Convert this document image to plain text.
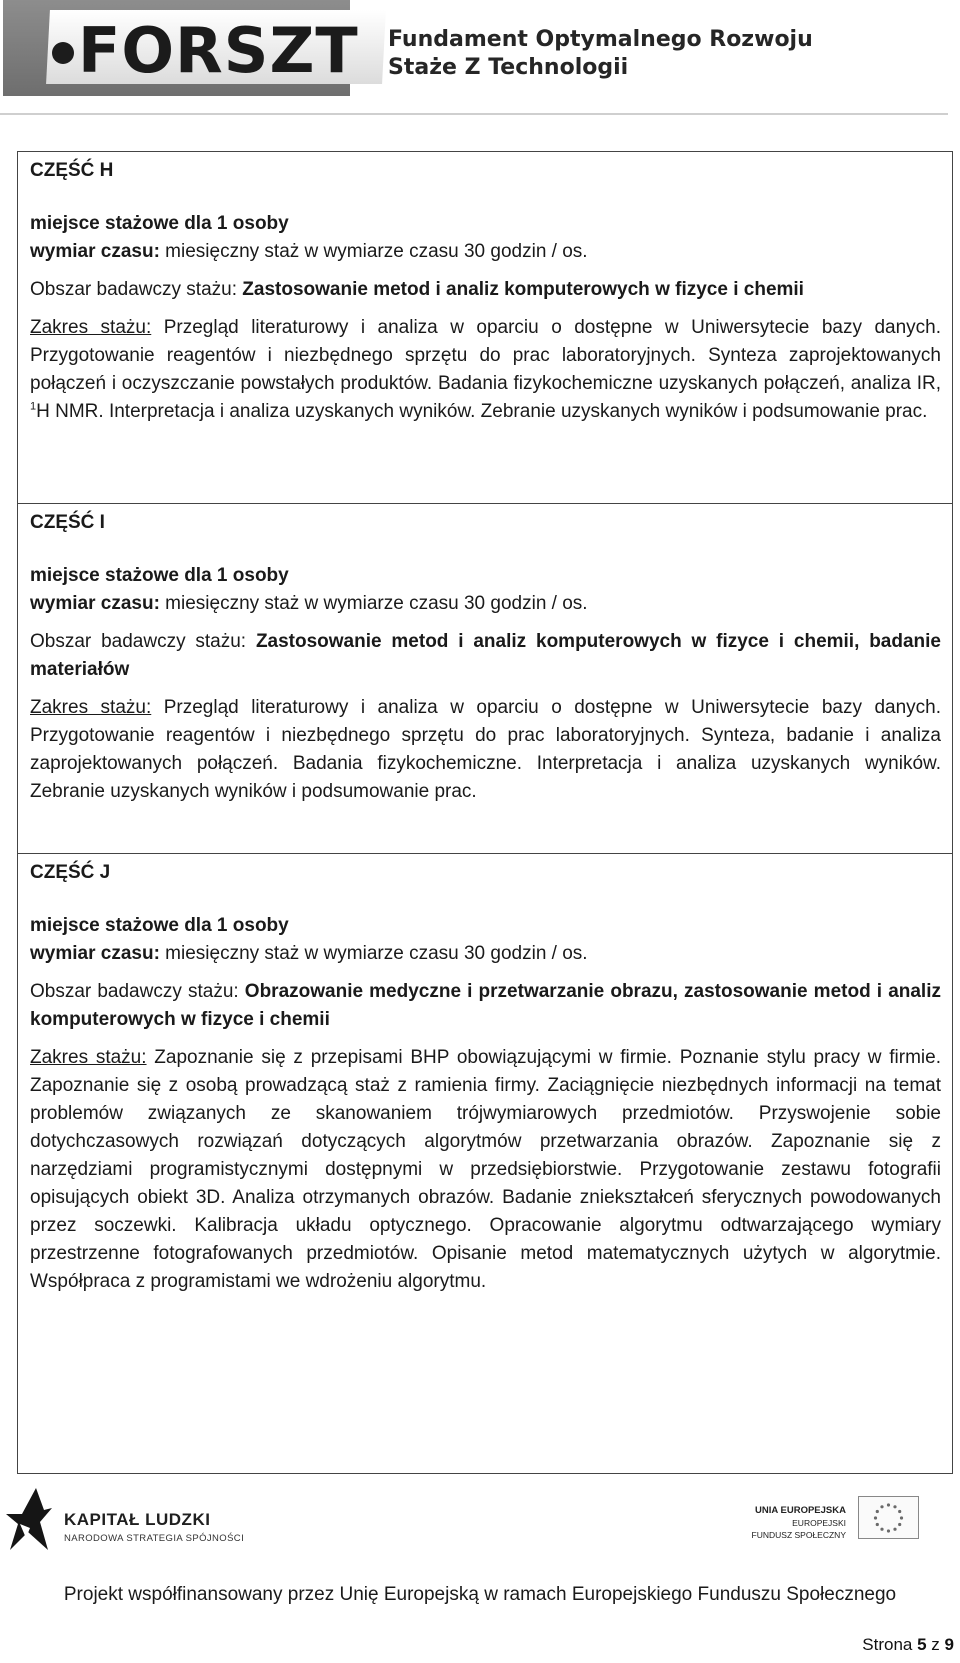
FORSZT Fundament Optymalnego Rozwoju
Staże Z Technologii

CZĘŚĆ H

miejsce stażowe dla 1 osoby

wymiar czasu: miesięczny staż w wymiarze czasu 30 godzin / os.

Obszar badawczy stażu: Zastosowanie metod i analiz komputerowych w fizyce i chemii

Zakres stażu: Przegląd literaturowy i analiza w oparciu o dostępne w Uniwersytecie bazy danych. Przygotowanie reagentów i niezbędnego sprzętu do prac laboratoryjnych. Synteza zaprojektowanych połączeń i oczyszczanie powstałych produktów. Badania fizykochemiczne uzyskanych połączeń, analiza IR, $^1$H NMR. Interpretacja i analiza uzyskanych wyników. Zebranie uzyskanych wyników i podsumowanie prac.

CZĘŚĆ I

miejsce stażowe dla 1 osoby

wymiar czasu: miesięczny staż w wymiarze czasu 30 godzin / os.

Obszar badawczy stażu: Zastosowanie metod i analiz komputerowych w fizyce i chemii, badanie materiałów

Zakres stażu: Przegląd literaturowy i analiza w oparciu o dostępne w Uniwersytecie bazy danych. Przygotowanie reagentów i niezbędnego sprzętu do prac laboratoryjnych. Synteza, badanie i analiza zaprojektowanych połączeń. Badania fizykochemiczne. Interpretacja i analiza uzyskanych wyników. Zebranie uzyskanych wyników i podsumowanie prac.

CZĘŚĆ J

miejsce stażowe dla 1 osoby

wymiar czasu: miesięczny staż w wymiarze czasu 30 godzin / os.

Obszar badawczy stażu: Obrazowanie medyczne i przetwarzanie obrazu, zastosowanie metod i analiz komputerowych w fizyce i chemii

Zakres stażu: Zapoznanie się z przepisami BHP obowiązującymi w firmie. Poznanie stylu pracy w firmie. Zapoznanie się z osobą prowadzącą staż z ramienia firmy. Zaciągnięcie niezbędnych informacji na temat problemów związanych ze skanowaniem trójwymiarowych przedmiotów. Przyswojenie sobie dotychczasowych rozwiązań dotyczących algorytmów przetwarzania obrazów. Zapoznanie się z narzędziami programistycznymi dostępnymi w przedsiębiorstwie. Przygotowanie zestawu fotografii opisujących obiekt 3D. Analiza otrzymanych obrazów. Badanie zniekształceń sferycznych powodowanych przez soczewki. Kalibracja układu optycznego. Opracowanie algorytmu odtwarzającego wymiary przestrzenne fotografowanych przedmiotów. Opisanie metod matematycznych użytych w algorytmie. Współpraca z programistami we wdrożeniu algorytmu.

KAPITAŁ LUDZKI
NARODOWA STRATEGIA SPÓJNOŚCI
UNIA EUROPEJSKA
EUROPEJSKI
FUNDUSZ SPOŁECZNY
Projekt współfinansowany przez Unię Europejską w ramach Europejskiego Funduszu Społecznego
Strona 5 z 9
